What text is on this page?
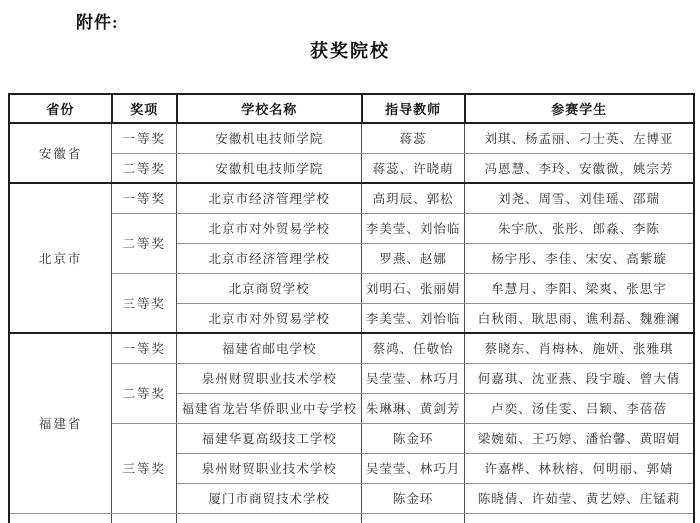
附件:
获奖院校
省份	奖项	学校名称	指导教师	参赛学生
安徽省	一等奖	安徽机电技师学院	蒋蕊	刘琪、杨孟丽、刁士英、左博亚
	二等奖	安徽机电技师学院	蒋蕊、许晓萌	冯恩慧、李玲、安徽微，姚宗芳
北京市	一等奖	北京市经济管理学校	高玥辰、郭松	刘尧、周雪、刘佳瑶、邵瑞
	二等奖	北京市对外贸易学校	李美莹、刘怡临	朱宇欣、张彤、郎淼、李陈
		北京市经济管理学校	罗燕、赵娜	杨宇彤、李佳、宋安、高紫璇
	三等奖	北京商贸学校	刘明石、张丽娟	牟慧月、李阳、梁爽、张思宇
		北京市对外贸易学校	李美莹、刘怡临	白秋雨、耿思雨、谯利磊、魏雅澜
福建省	一等奖	福建省邮电学校	蔡鸿、任敬怡	蔡晓东、肖梅林、施妍、张雅琪
	二等奖	泉州财贸职业技术学校	吴莹莹、林巧月	何嘉琪、沈亚燕、段宇璇、曾大倩
		福建省龙岩华侨职业中专学校	朱琳琳、黄剑芳	卢奕、汤佳雯、吕颖、李蓓蓓
	三等奖	福建华夏高级技工学校	陈金环	梁婉茹、王巧婷、潘怡馨、黄昭娟
		泉州财贸职业技术学校	吴莹莹、林巧月	许嘉桦、林秋榕、何明丽、郭婧
		厦门市商贸技术学校	陈金环	陈晓倩、许茹莹、黄艺婷、庄锰莉
